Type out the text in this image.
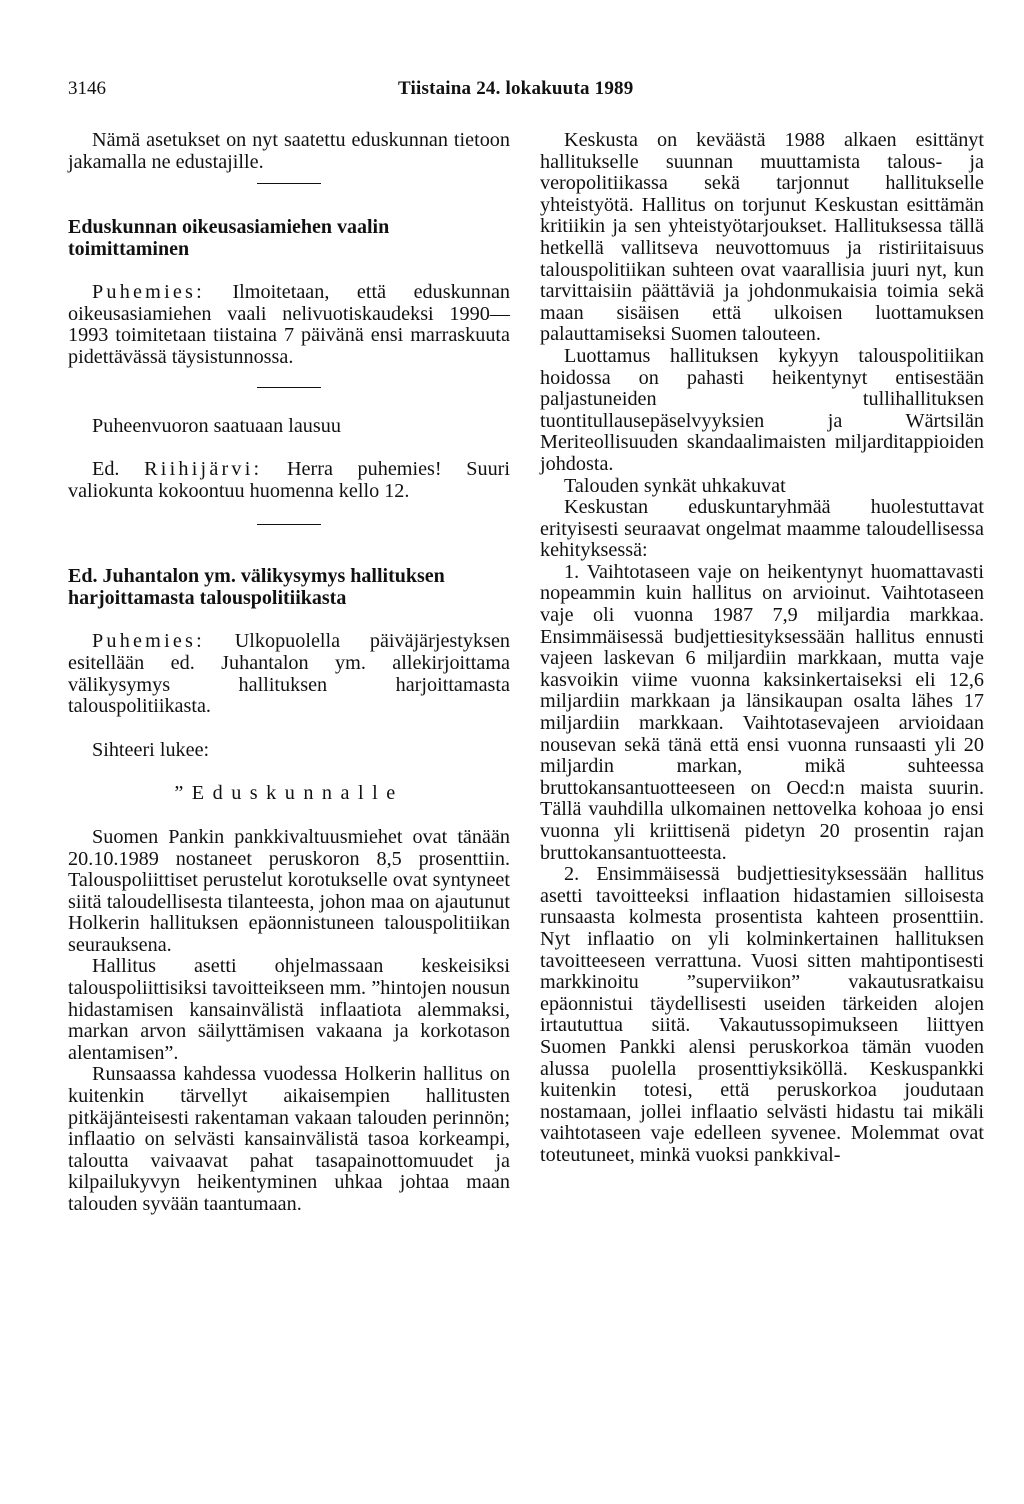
3146	Tiistaina 24. lokakuuta 1989

Nämä asetukset on nyt saatettu eduskunnan tietoon jakamalla ne edustajille.

Eduskunnan oikeusasiamiehen vaalin toimittaminen

Puhemies: Ilmoitetaan, että eduskunnan oikeusasiamiehen vaali nelivuotiskaudeksi 1990—1993 toimitetaan tiistaina 7 päivänä ensi marraskuuta pidettävässä täysistunnossa.

Puheenvuoron saatuaan lausuu

Ed. Riihijärvi: Herra puhemies! Suuri valiokunta kokoontuu huomenna kello 12.

Ed. Juhantalon ym. välikysymys hallituksen harjoittamasta talouspolitiikasta

Puhemies: Ulkopuolella päiväjärjestyksen esitellään ed. Juhantalon ym. allekirjoittama välikysymys hallituksen harjoittamasta talouspolitiikasta.

Sihteeri lukee:

”Eduskunnalle

Suomen Pankin pankkivaltuusmiehet ovat tänään 20.10.1989 nostaneet peruskoron 8,5 prosenttiin. Talouspoliittiset perustelut korotukselle ovat syntyneet siitä taloudellisesta tilanteesta, johon maa on ajautunut Holkerin hallituksen epäonnistuneen talouspolitiikan seurauksena.

Hallitus asetti ohjelmassaan keskeisiksi talouspoliittisiksi tavoitteikseen mm. ”hintojen nousun hidastamisen kansainvälistä inflaatiota alemmaksi, markan arvon säilyttämisen vakaana ja korkotason alentamisen”.

Runsaassa kahdessa vuodessa Holkerin hallitus on kuitenkin tärvellyt aikaisempien hallitusten pitkäjänteisesti rakentaman vakaan talouden perinnön; inflaatio on selvästi kansainvälistä tasoa korkeampi, taloutta vaivaavat pahat tasapainottomuudet ja kilpailukyvyn heikentyminen uhkaa johtaa maan talouden syvään taantumaan.

Keskusta on keväästä 1988 alkaen esittänyt hallitukselle suunnan muuttamista talous- ja veropolitiikassa sekä tarjonnut hallitukselle yhteistyötä. Hallitus on torjunut Keskustan esittämän kritiikin ja sen yhteistyötarjoukset. Hallituksessa tällä hetkellä vallitseva neuvottomuus ja ristiriitaisuus talouspolitiikan suhteen ovat vaarallisia juuri nyt, kun tarvittaisiin päättäviä ja johdonmukaisia toimia sekä maan sisäisen että ulkoisen luottamuksen palauttamiseksi Suomen talouteen.

Luottamus hallituksen kykyyn talouspolitiikan hoidossa on pahasti heikentynyt entisestään paljastuneiden tullihallituksen tuontitullausepäselvyyksien ja Wärtsilän Meriteollisuuden skandaalimaisten miljarditappioiden johdosta.

Talouden synkät uhkakuvat

Keskustan eduskuntaryhmää huolestuttavat erityisesti seuraavat ongelmat maamme taloudellisessa kehityksessä:

1. Vaihtotaseen vaje on heikentynyt huomattavasti nopeammin kuin hallitus on arvioinut. Vaihtotaseen vaje oli vuonna 1987 7,9 miljardia markkaa. Ensimmäisessä budjettiesityksessään hallitus ennusti vajeen laskevan 6 miljardiin markkaan, mutta vaje kasvoikin viime vuonna kaksinkertaiseksi eli 12,6 miljardiin markkaan ja länsikaupan osalta lähes 17 miljardiin markkaan. Vaihtotasevajeen arvioidaan nousevan sekä tänä että ensi vuonna runsaasti yli 20 miljardin markan, mikä suhteessa bruttokansantuotteeseen on Oecd:n maista suurin. Tällä vauhdilla ulkomainen nettovelka kohoaa jo ensi vuonna yli kriittisenä pidetyn 20 prosentin rajan bruttokansantuotteesta.

2. Ensimmäisessä budjettiesityksessään hallitus asetti tavoitteeksi inflaation hidastamien silloisesta runsaasta kolmesta prosentista kahteen prosenttiin. Nyt inflaatio on yli kolminkertainen hallituksen tavoitteeseen verrattuna. Vuosi sitten mahtipontisesti markkinoitu ”superviikon” vakautusratkaisu epäonnistui täydellisesti useiden tärkeiden alojen irtaututtua siitä. Vakautussopimukseen liittyen Suomen Pankki alensi peruskorkoa tämän vuoden alussa puolella prosenttiyksiköllä. Keskuspankki kuitenkin totesi, että peruskorkoa joudutaan nostamaan, jollei inflaatio selvästi hidastu tai mikäli vaihtotaseen vaje edelleen syvenee. Molemmat ovat toteutuneet, minkä vuoksi pankkival-
